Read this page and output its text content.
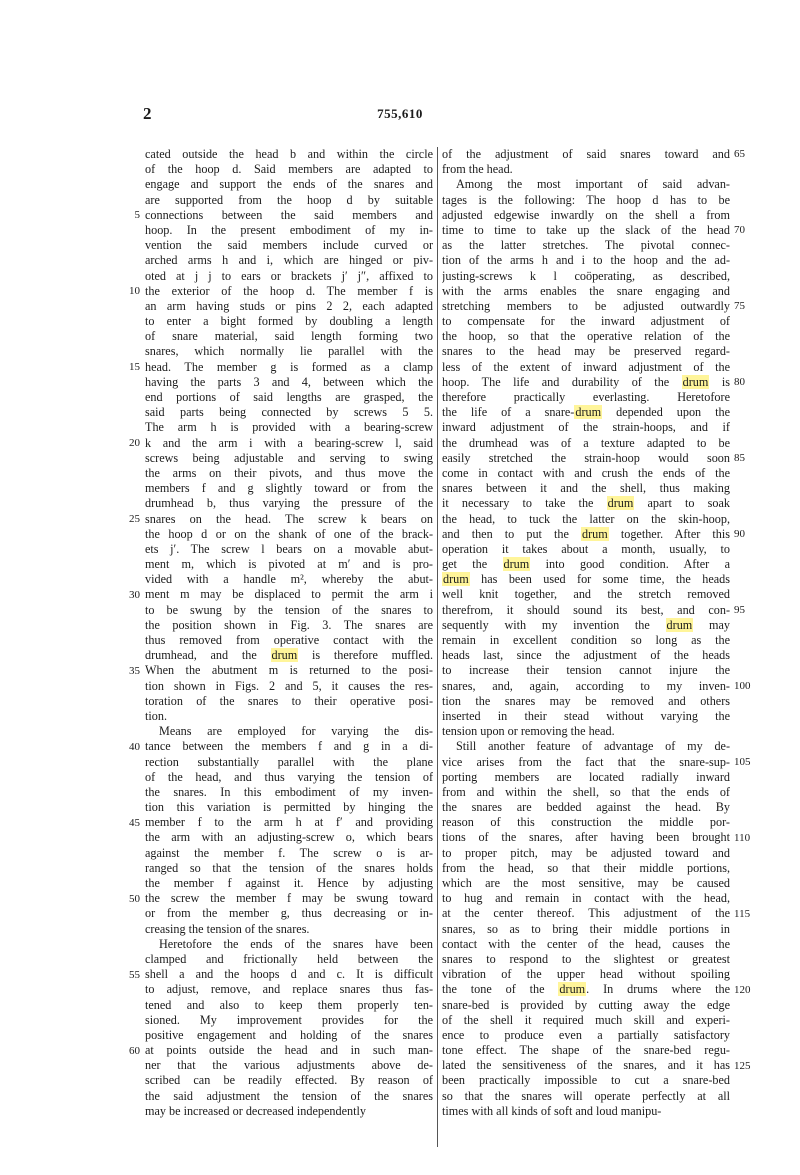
2	755,610
cated outside the head b and within the circle
of the hoop d. Said members are adapted to
engage and support the ends of the snares and
are supported from the hoop d by suitable
connections between the said members and
hoop. In the present embodiment of my in-
vention the said members include curved or
arched arms h and i, which are hinged or piv-
oted at j j to ears or brackets j′ j″, affixed to
the exterior of the hoop d. The member f is
an arm having studs or pins 2 2, each adapted
to enter a bight formed by doubling a length
of snare material, said length forming two
snares, which normally lie parallel with the
head. The member g is formed as a clamp
having the parts 3 and 4, between which the
end portions of said lengths are grasped, the
said parts being connected by screws 5 5.
The arm h is provided with a bearing-screw
k and the arm i with a bearing-screw l, said
screws being adjustable and serving to swing
the arms on their pivots, and thus move the
members f and g slightly toward or from the
drumhead b, thus varying the pressure of the
snares on the head. The screw k bears on
the hoop d or on the shank of one of the brack-
ets j′. The screw l bears on a movable abut-
ment m, which is pivoted at m′ and is pro-
vided with a handle m², whereby the abut-
ment m may be displaced to permit the arm i
to be swung by the tension of the snares to
the position shown in Fig. 3. The snares are
thus removed from operative contact with the
drumhead, and the drum is therefore muffled.
When the abutment m is returned to the posi-
tion shown in Figs. 2 and 5, it causes the res-
toration of the snares to their operative posi-
tion.
Means are employed for varying the dis-
tance between the members f and g in a di-
rection substantially parallel with the plane
of the head, and thus varying the tension of
the snares. In this embodiment of my inven-
tion this variation is permitted by hinging the
member f to the arm h at f′ and providing
the arm with an adjusting-screw o, which bears
against the member f. The screw o is ar-
ranged so that the tension of the snares holds
the member f against it. Hence by adjusting
the screw the member f may be swung toward
or from the member g, thus decreasing or in-
creasing the tension of the snares.
Heretofore the ends of the snares have been
clamped and frictionally held between the
shell a and the hoops d and c. It is difficult
to adjust, remove, and replace snares thus fas-
tened and also to keep them properly ten-
sioned. My improvement provides for the
positive engagement and holding of the snares
at points outside the head and in such man-
ner that the various adjustments above de-
scribed can be readily effected. By reason of
the said adjustment the tension of the snares
may be increased or decreased independently
of the adjustment of said snares toward and
from the head.
Among the most important of said advan-
tages is the following: The hoop d has to be
adjusted edgewise inwardly on the shell a from
time to time to take up the slack of the head
as the latter stretches. The pivotal connec-
tion of the arms h and i to the hoop and the ad-
justing-screws k l coöperating, as described,
with the arms enables the snare engaging and
stretching members to be adjusted outwardly
to compensate for the inward adjustment of
the hoop, so that the operative relation of the
snares to the head may be preserved regard-
less of the extent of inward adjustment of the
hoop. The life and durability of the drum is
therefore practically everlasting. Heretofore
the life of a snare-drum depended upon the
inward adjustment of the strain-hoops, and if
the drumhead was of a texture adapted to be
easily stretched the strain-hoop would soon
come in contact with and crush the ends of the
snares between it and the shell, thus making
it necessary to take the drum apart to soak
the head, to tuck the latter on the skin-hoop,
and then to put the drum together. After this
operation it takes about a month, usually, to
get the drum into good condition. After a
drum has been used for some time, the heads
well knit together, and the stretch removed
therefrom, it should sound its best, and con-
sequently with my invention the drum may
remain in excellent condition so long as the
heads last, since the adjustment of the heads
to increase their tension cannot injure the
snares, and, again, according to my inven-
tion the snares may be removed and others
inserted in their stead without varying the
tension upon or removing the head.
Still another feature of advantage of my de-
vice arises from the fact that the snare-sup-
porting members are located radially inward
from and within the shell, so that the ends of
the snares are bedded against the head. By
reason of this construction the middle por-
tions of the snares, after having been brought
to proper pitch, may be adjusted toward and
from the head, so that their middle portions,
which are the most sensitive, may be caused
to hug and remain in contact with the head,
at the center thereof. This adjustment of the
snares, so as to bring their middle portions in
contact with the center of the head, causes the
snares to respond to the slightest or greatest
vibration of the upper head without spoiling
the tone of the drum. In drums where the
snare-bed is provided by cutting away the edge
of the shell it required much skill and experi-
ence to produce even a partially satisfactory
tone effect. The shape of the snare-bed regu-
lated the sensitiveness of the snares, and it has
been practically impossible to cut a snare-bed
so that the snares will operate perfectly at all
times with all kinds of soft and loud manipu-
5
10
15
20
25
30
35
40
45
50
55
60
65
70
75
80
85
90
95
100
105
110
115
120
125
